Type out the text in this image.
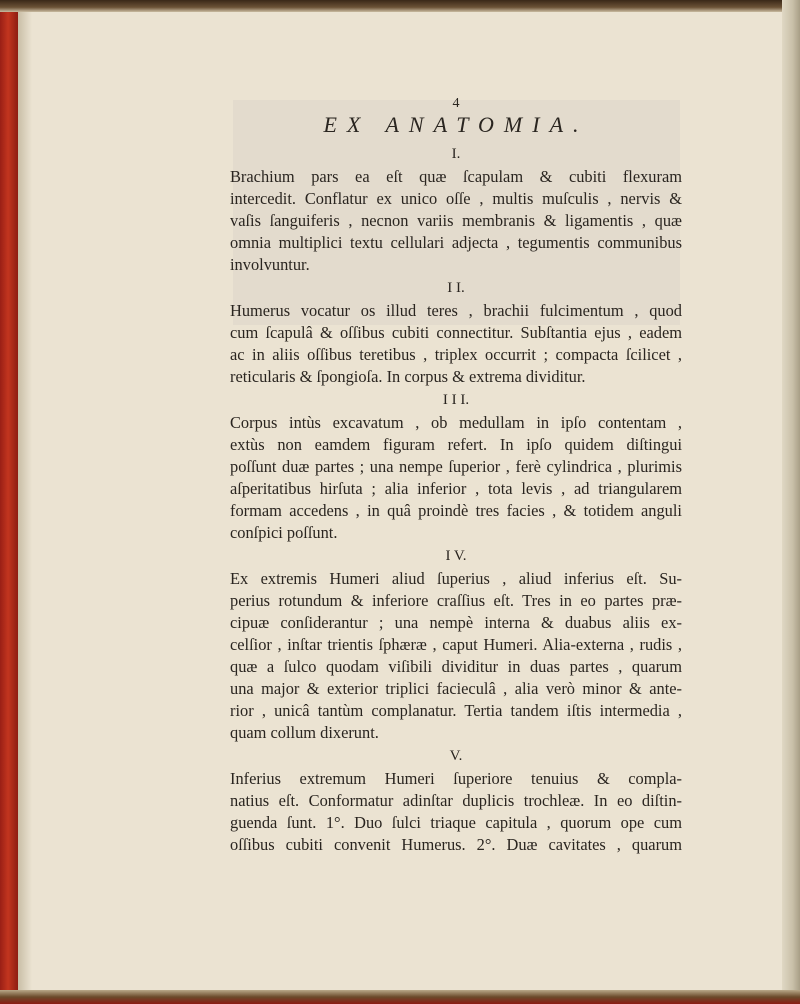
4
EX ANATOMIA.
I.

Brachium pars ea eſt quæ ſcapulam & cubiti flexuram
intercedit. Conflatur ex unico oſſe , multis muſculis , nervis &
vaſis ſanguiferis , necnon variis membranis & ligamentis , quæ
omnia multiplici textu cellulari adjecta , tegumentis communibus
involvuntur.

I I.

Humerus vocatur os illud teres , brachii fulcimentum , quod
cum ſcapulâ & oſſibus cubiti connectitur. Subſtantia ejus , eadem
ac in aliis oſſibus teretibus , triplex occurrit ; compacta ſcilicet ,
reticularis & ſpongioſa. In corpus & extrema dividitur.

I I I.

Corpus intùs excavatum , ob medullam in ipſo contentam ,
extùs non eamdem figuram refert. In ipſo quidem diſtingui
poſſunt duæ partes ; una nempe ſuperior , ferè cylindrica , plurimis
aſperitatibus hirſuta ; alia inferior , tota levis , ad triangularem
formam accedens , in quâ proindè tres facies , & totidem anguli
conſpici poſſunt.

I V.

Ex extremis Humeri aliud ſuperius , aliud inferius eſt. Su-
perius rotundum & inferiore craſſius eſt. Tres in eo partes præ-
cipuæ conſiderantur ; una nempè interna & duabus aliis ex-
celſior , inſtar trientis ſphæræ , caput Humeri. Alia-externa , rudis ,
quæ a ſulco quodam viſibili dividitur in duas partes , quarum
una major & exterior triplici facieculâ , alia verò minor & ante-
rior , unicâ tantùm complanatur. Tertia tandem iſtis intermedia ,
quam collum dixerunt.

V.

Inferius extremum Humeri ſuperiore tenuius & compla-
natius eſt. Conformatur adinſtar duplicis trochleæ. In eo diſtin-
guenda ſunt. 1°. Duo ſulci triaque capitula , quorum ope cum
oſſibus cubiti convenit Humerus. 2°. Duæ cavitates , quarum
